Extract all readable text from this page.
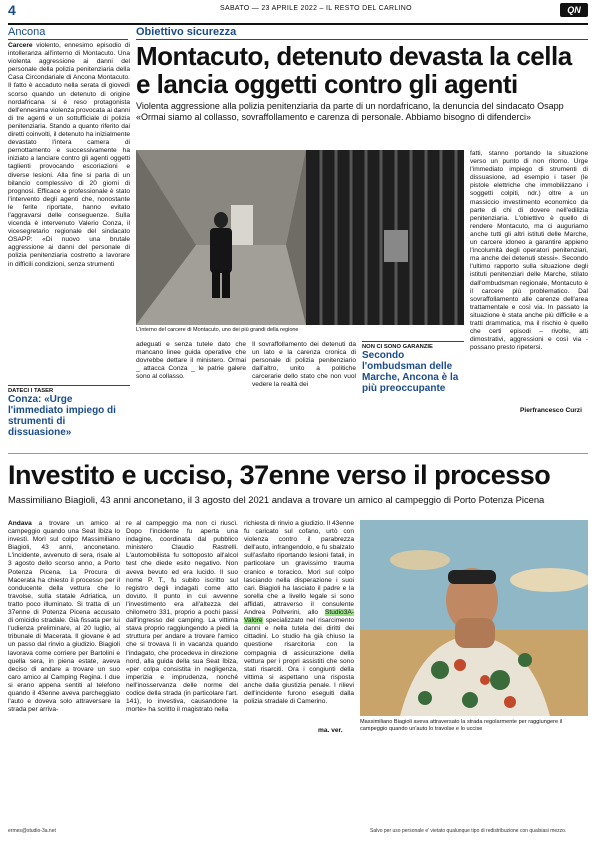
4	SABATO — 23 APRILE 2022 – IL RESTO DEL CARLINO	QN
Ancona	Obiettivo sicurezza
Montacuto, detenuto devasta la cella e lancia oggetti contro gli agenti
Violenta aggressione alla polizia penitenziaria da parte di un nordafricano, la denuncia del sindacato Osapp «Ormai siamo al collasso, sovraffollamento e carenza di personale. Abbiamo bisogno di difenderci»
Carcere violento, ennesimo episodio di intolleranza all'interno di Montacuto. Una violenta aggressione ai danni del personale della polizia penitenziaria della Casa Circondariale di Ancona Montacuto. Il fatto è accaduto nella serata di giovedì scorso quando un detenuto di origine nordafricana si è reso protagonista dell'ennesima violenza provocata ai danni di tre agenti e un sottufficiale di polizia penitenziaria. Stando a quanto riferito dai diretti coinvolti, il detenuto ha inizialmente devastato l'intera camera di pernottamento e successivamente ha iniziato a lanciare contro gli agenti oggetti taglienti provocando escoriazioni e diverse lesioni. Alla fine si parla di un bilancio complessivo di 20 giorni di prognosi. Efficace e professionale è stato l'intervento degli agenti che, nonostante le ferite riportate, hanno evitato l'aggravarsi delle conseguenze. Sulla vicenda è intervenuto Valerio Conza, il vicesegretario regionale del sindacato OSAPP: «Di nuovo una brutale aggressione ai danni del personale di polizia penitenziaria costretto a lavorare in difficili condizioni, senza strumenti
L'interno del carcere di Montacuto, uno dei più grandi della regione
fatti, stanno portando la situazione verso un punto di non ritorno. Urge l'immediato impiego di strumenti di dissuasione, ad esempio i taser (le pistole elettriche che immobilizzano i soggetti colpiti, ndr.) oltre a un massiccio investimento economico da parte di chi di dovere nell'edilizia penitenziaria. L'obiettivo è quello di rendere Montacuto, ma ci auguriamo anche tutti gli altri istituti delle Marche, un carcere idoneo a garantire appieno l'incolumità degli operatori penitenziari, ma anche dei detenuti stessi». Secondo l'ultimo rapporto sulla situazione degli istituti penitenziari delle Marche, stilato dall'ombudsman regionale, Montacuto è il carcere più problematico. Dal sovraffollamento alle carenze dell'area trattamentale e così via. In passato la situazione è stata anche più difficile e a tratti drammatica, ma il rischio è quello che certi episodi – rivolte, atti dimostrativi, aggressioni e così via - possano presto ripetersi.
Pierfrancesco Curzi
adeguati e senza tutele dato che mancano linee guida operative che dovrebbe dettare il ministero. Ormai _ attacca Conza _ le patrie galere sono al collasso.
Il sovraffollamento dei detenuti da un lato e la carenza cronica di personale di polizia penitenziario dall'altro, unito a politiche carcerarie dello stato che non vuol vedere la realtà dei
DATECI I TASER
Conza: «Urge l'immediato impiego di strumenti di dissuasione»
NON CI SONO GARANZIE
Secondo l'ombudsman delle Marche, Ancona è la più preoccupante
Investito e ucciso, 37enne verso il processo
Massimiliano Biagioli, 43 anni anconetano, il 3 agosto del 2021 andava a trovare un amico al campeggio di Porto Potenza Picena
Andava a trovare un amico al campeggio quando una Seat Ibiza lo investì. Morì sul colpo Massimiliano Biagioli, 43 anni, anconetano. L'incidente, avvenuto di sera, risale al 3 agosto dello scorso anno, a Porto Potenza Picena. La Procura di Macerata ha chiesto il processo per il conducente della vettura che lo travolse, sulla statale Adriatica, un tratto poco illuminato. Si tratta di un 37enne di Potenza Picena accusato di omicidio stradale. Già fissata per lui l'udienza preliminare, al 20 luglio, al tribunale di Macerata. Il giovane è ad un passo dal rinvio a giudizio. Biagioli lavorava come corriere per Bartolini e quella sera, in piena estate, aveva deciso di andare a trovare un suo caro amico al Camping Regina. I due si erano appena sentiti al telefono quando il 43enne aveva parcheggiato l'auto e doveva solo attraversare la strada per arriva-
re al campeggio ma non ci riuscì. Dopo l'incidente fu aperta una indagine, coordinata dal pubblico ministero Claudio Rastrelli. L'automobilista fu sottoposto all'alcol test che diede esito negativo. Non aveva bevuto ed era lucido. Il suo nome P. T., fu subito iscritto sul registro degli indagati come atto dovuto. Il punto in cui avvenne l'investimento era all'altezza del chilometro 331, proprio a pochi passi dall'ingresso del camping. La vittima stava proprio raggiungendo a piedi la struttura per andare a trovare l'amico che si trovava lì in vacanza quando l'indagato, che procedeva in direzione nord, alla guida della sua Seat Ibiza, «per colpa consistita in negligenza, imperizia e imprudenza, nonché nell'inosservanza delle norme del codice della strada (in particolare l'art. 141), lo investiva, causandone la morte» ha scritto il magistrato nella
richiesta di rinvio a giudizio. Il 43enne fu caricato sul cofano, urtò con violenza contro il parabrezza dell'auto, infrangendolo, e fu sbalzato sull'asfalto riportando lesioni fatali, in particolare un gravissimo trauma cranico e toracico. Morì sul colpo lasciando nella disperazione i suoi cari. Biagioli ha lasciato il padre e la sorella che a livello legale si sono affidati, attraverso il consulente Andrea Pollverini, allo Studio3A-Valore specializzato nel risarcimento danni e nella tutela dei diritti dei cittadini. Lo studio ha già chiuso la questione risarcitoria con la compagnia di assicurazione della vettura per i propri assistiti che sono stati risarciti. Ora i congiunti della vittima si aspettano una risposta anche dalla giustizia penale. I rilievi dell'incidente furono eseguiti dalla polizia stradale di Camerino.
ma. ver.
Massimiliano Biagioli aveva attraversato la strada regolarmente per raggiungere il campeggio quando un'auto lo travolse e lo uccise
ermes@studio-3a.net	Salvo per uso personale e' vietato qualunque tipo di redistribuzione con qualsiasi mezzo.
